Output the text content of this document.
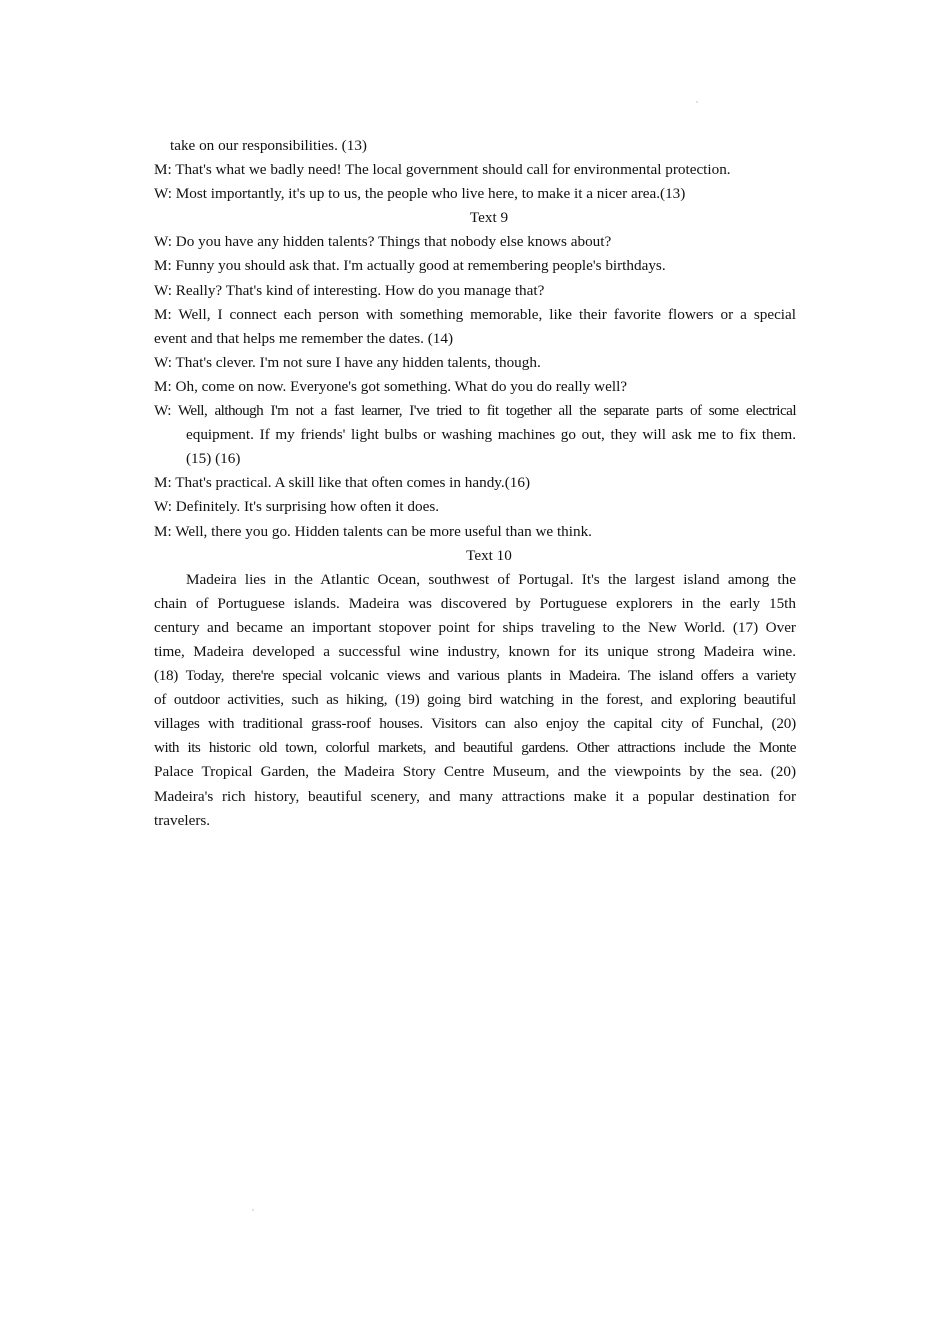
take on our responsibilities. (13)
M: That's what we badly need! The local government should call for environmental protection.
W: Most importantly, it's up to us, the people who live here, to make it a nicer area.(13)
Text 9
W: Do you have any hidden talents? Things that nobody else knows about?
M: Funny you should ask that. I'm actually good at remembering people's birthdays.
W: Really? That's kind of interesting. How do you manage that?
M: Well, I connect each person with something memorable, like their favorite flowers or a special
event and that helps me remember the dates. (14)
W: That's clever. I'm not sure I have any hidden talents, though.
M: Oh, come on now. Everyone's got something. What do you do really well?
W: Well, although I'm not a fast learner, I've tried to fit together all the separate parts of some electrical
equipment. If my friends' light bulbs or washing machines go out, they will ask me to fix them.
(15) (16)
M: That's practical. A skill like that often comes in handy.(16)
W: Definitely. It's surprising how often it does.
M: Well, there you go. Hidden talents can be more useful than we think.
Text 10
Madeira lies in the Atlantic Ocean, southwest of Portugal. It's the largest island among the
chain of Portuguese islands. Madeira was discovered by Portuguese explorers in the early 15th
century and became an important stopover point for ships traveling to the New World. (17) Over
time, Madeira developed a successful wine industry, known for its unique strong Madeira wine.
(18) Today, there're special volcanic views and various plants in Madeira. The island offers a variety
of outdoor activities, such as hiking, (19) going bird watching in the forest, and exploring beautiful
villages with traditional grass-roof houses. Visitors can also enjoy the capital city of Funchal, (20)
with its historic old town, colorful markets, and beautiful gardens. Other attractions include the Monte
Palace Tropical Garden, the Madeira Story Centre Museum, and the viewpoints by the sea. (20)
Madeira's rich history, beautiful scenery, and many attractions make it a popular destination for
travelers.
